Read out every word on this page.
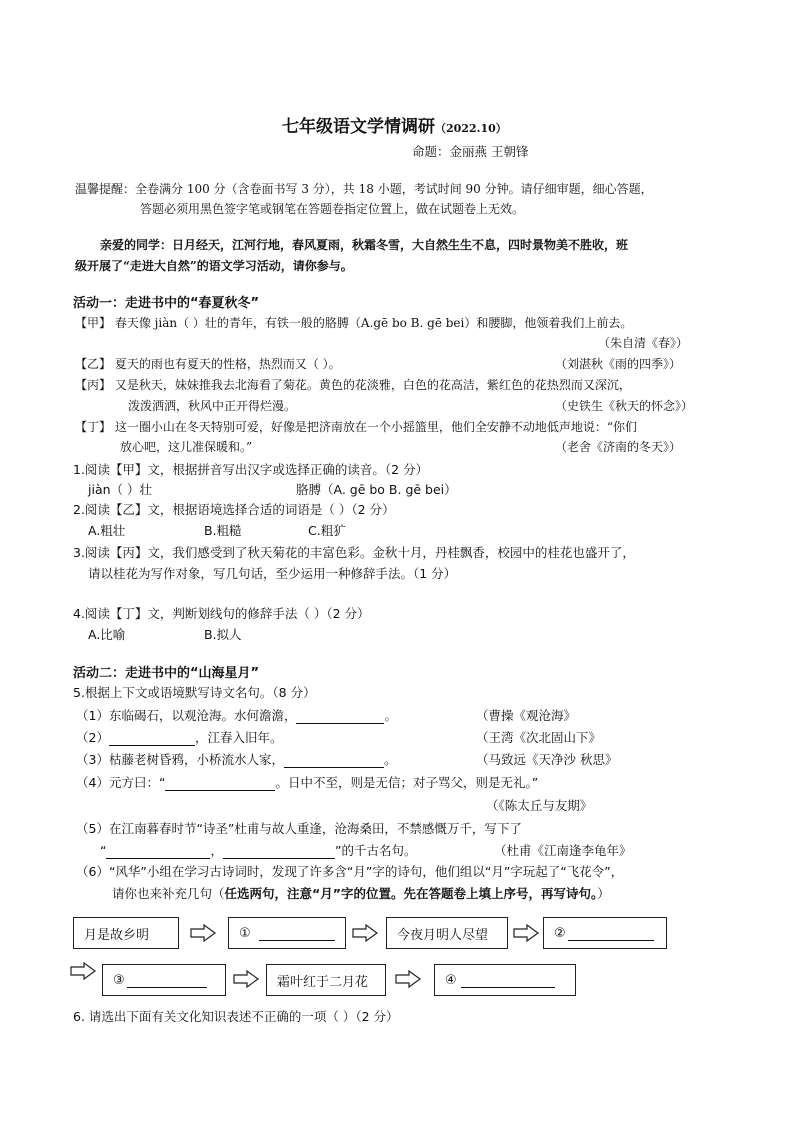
七年级语文学情调研（2022.10）
命题：金丽燕 王朝锋
温馨提醒：全卷满分 100 分（含卷面书写 3 分），共 18 小题，考试时间 90 分钟。请仔细审题，细心答题，
答题必须用黑色签字笔或钢笔在答题卷指定位置上，做在试题卷上无效。
亲爱的同学：日月经天，江河行地，春风夏雨，秋霜冬雪，大自然生生不息，四时景物美不胜收，班
级开展了“走进大自然”的语文学习活动，请你参与。
活动一：走进书中的“春夏秋冬”
【甲】 春天像 jiàn（ ）壮的青年，有铁一般的胳膊（A.gē bo B. gē bei）和腰脚，他领着我们上前去。
（朱自清《春》）
【乙】 夏天的雨也有夏天的性格，热烈而又（ ）。	（刘湛秋《雨的四季》）
【丙】 又是秋天，妹妹推我去北海看了菊花。黄色的花淡雅，白色的花高洁，紫红色的花热烈而又深沉，
泼泼洒洒，秋风中正开得烂漫。	（史铁生《秋天的怀念》）
【丁】 这一圈小山在冬天特别可爱，好像是把济南放在一个小摇篮里，他们全安静不动地低声地说：“你们
放心吧，这儿准保暖和。”	（老舍《济南的冬天》）
1.阅读【甲】文，根据拼音写出汉字或选择正确的读音。（2 分）
jiàn（ ）壮	胳膊（A. gē bo B. gē bei）
2.阅读【乙】文，根据语境选择合适的词语是（ ）（2 分）
A.粗壮	B.粗糙	C.粗犷
3.阅读【丙】文，我们感受到了秋天菊花的丰富色彩。金秋十月，丹桂飘香，校园中的桂花也盛开了，
请以桂花为写作对象，写几句话，至少运用一种修辞手法。（1 分）
4.阅读【丁】文，判断划线句的修辞手法（ ）（2 分）
A.比喻	B.拟人
活动二：走进书中的“山海星月”
5.根据上下文或语境默写诗文名句。（8 分）
（1）东临碣石，以观沧海。水何澹澹，	。	（曹操《观沧海》
（2）	，江春入旧年。	（王湾《次北固山下》
（3）枯藤老树昏鸦，小桥流水人家，	。	（马致远《天净沙 秋思》
（4）元方曰：“	。日中不至，则是无信；对子骂父，则是无礼。”
（《陈太丘与友期》
（5）在江南暮春时节“诗圣”杜甫与故人重逢，沧海桑田，不禁感慨万千，写下了
“	，	”的千古名句。	（杜甫《江南逢李龟年》
（6）“风华”小组在学习古诗词时，发现了许多含“月”字的诗句，他们组以“月”字玩起了“飞花令”，
请你也来补充几句（任选两句，注意“月”字的位置。先在答题卷上填上序号，再写诗句。）
月是故乡明	①
	今夜月明人尽望	②

③
	霜叶红于二月花	④

6. 请选出下面有关文化知识表述不正确的一项（ ）（2 分）
